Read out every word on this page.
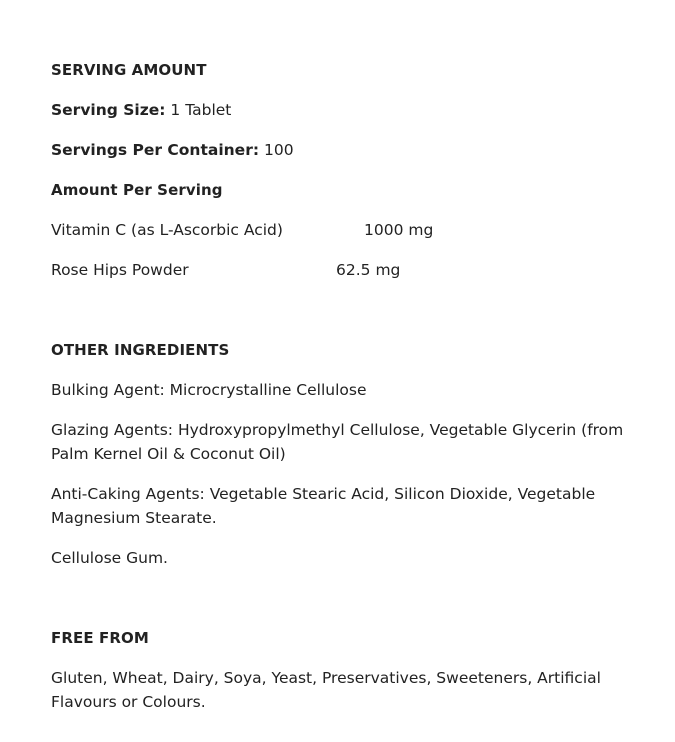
SERVING AMOUNT
Serving Size: 1 Tablet
Servings Per Container: 100
Amount Per Serving
Vitamin C (as L-Ascorbic Acid)	1000 mg
Rose Hips Powder	62.5 mg
OTHER INGREDIENTS
Bulking Agent: Microcrystalline Cellulose
Glazing Agents: Hydroxypropylmethyl Cellulose, Vegetable Glycerin (from Palm Kernel Oil & Coconut Oil)
Anti-Caking Agents: Vegetable Stearic Acid, Silicon Dioxide, Vegetable Magnesium Stearate.
Cellulose Gum.
FREE FROM
Gluten, Wheat, Dairy, Soya, Yeast, Preservatives, Sweeteners, Artificial Flavours or Colours.
